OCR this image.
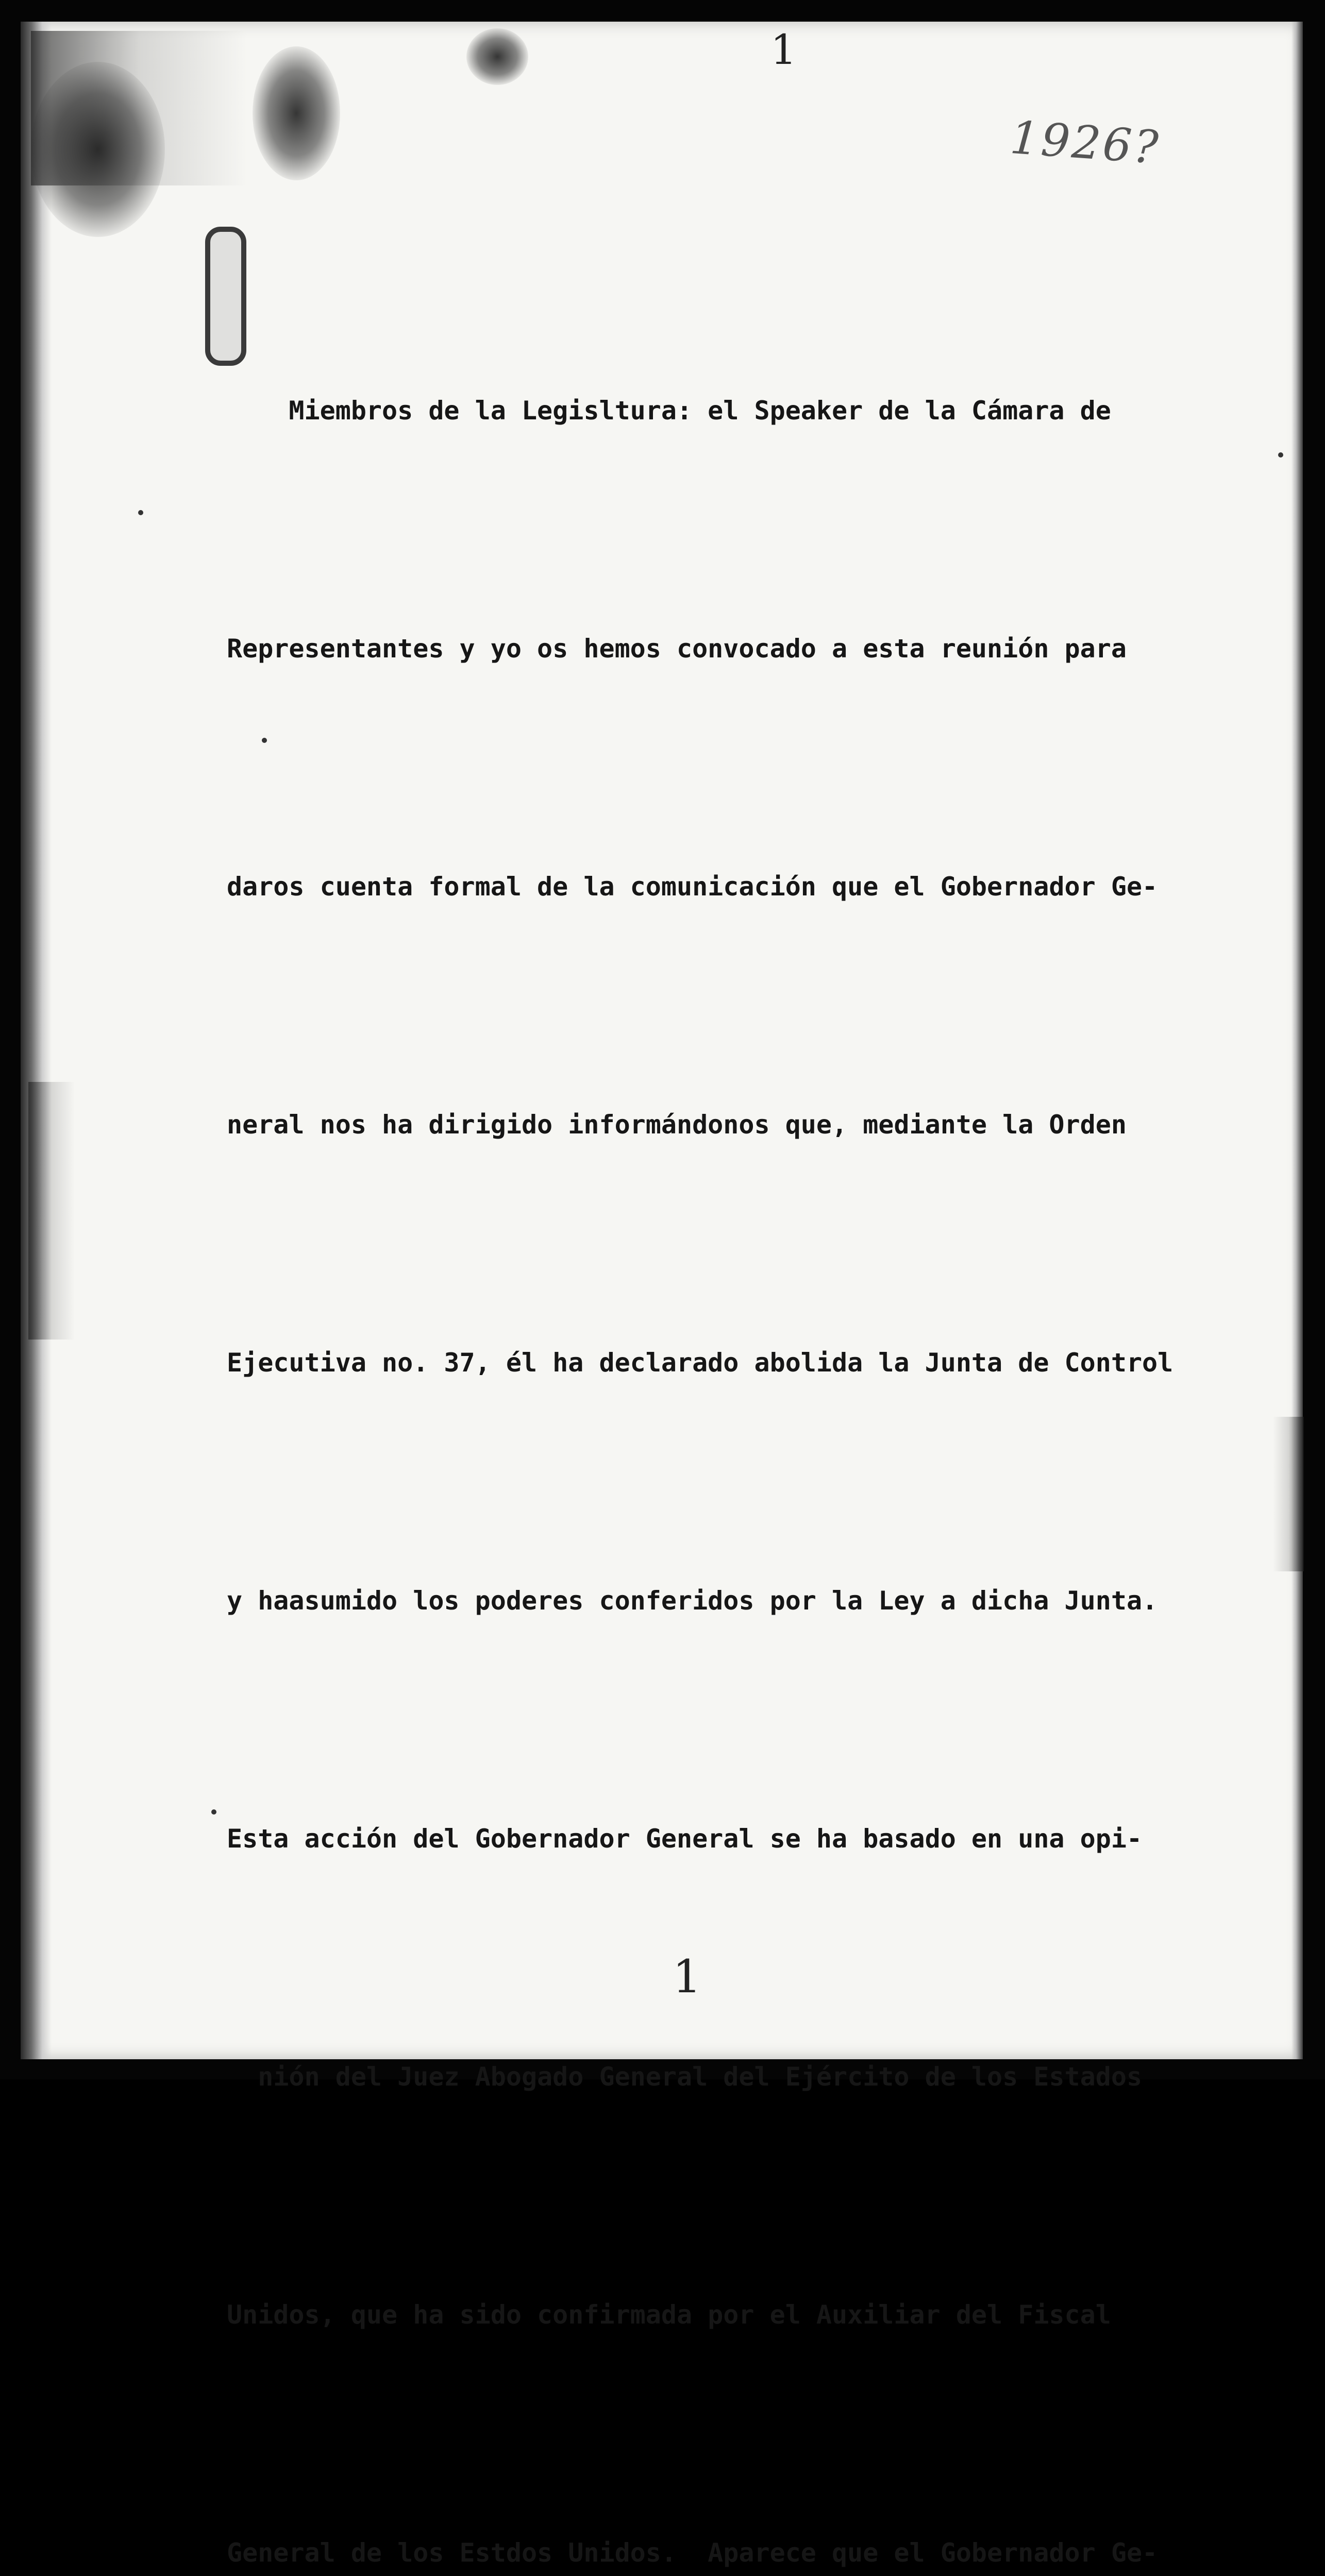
1
1926?

Miembros de la Legisltura: el Speaker de la Cámara de

Representantes y yo os hemos convocado a esta reunión para

daros cuenta formal de la comunicación que el Gobernador Ge-

neral nos ha dirigido informándonos que, mediante la Orden

Ejecutiva no. 37, él ha declarado abolida la Junta de Control

y haasumido los poderes conferidos por la Ley a dicha Junta.

Esta acción del Gobernador General se ha basado en una opi-

nión del Juez Abogado General del Ejército de los Estados

Unidos, que ha sido confirmada por el Auxiliar del Fiscal

General de los Estdos Unidos.  Aparece que el Gobernador Ge-

1
